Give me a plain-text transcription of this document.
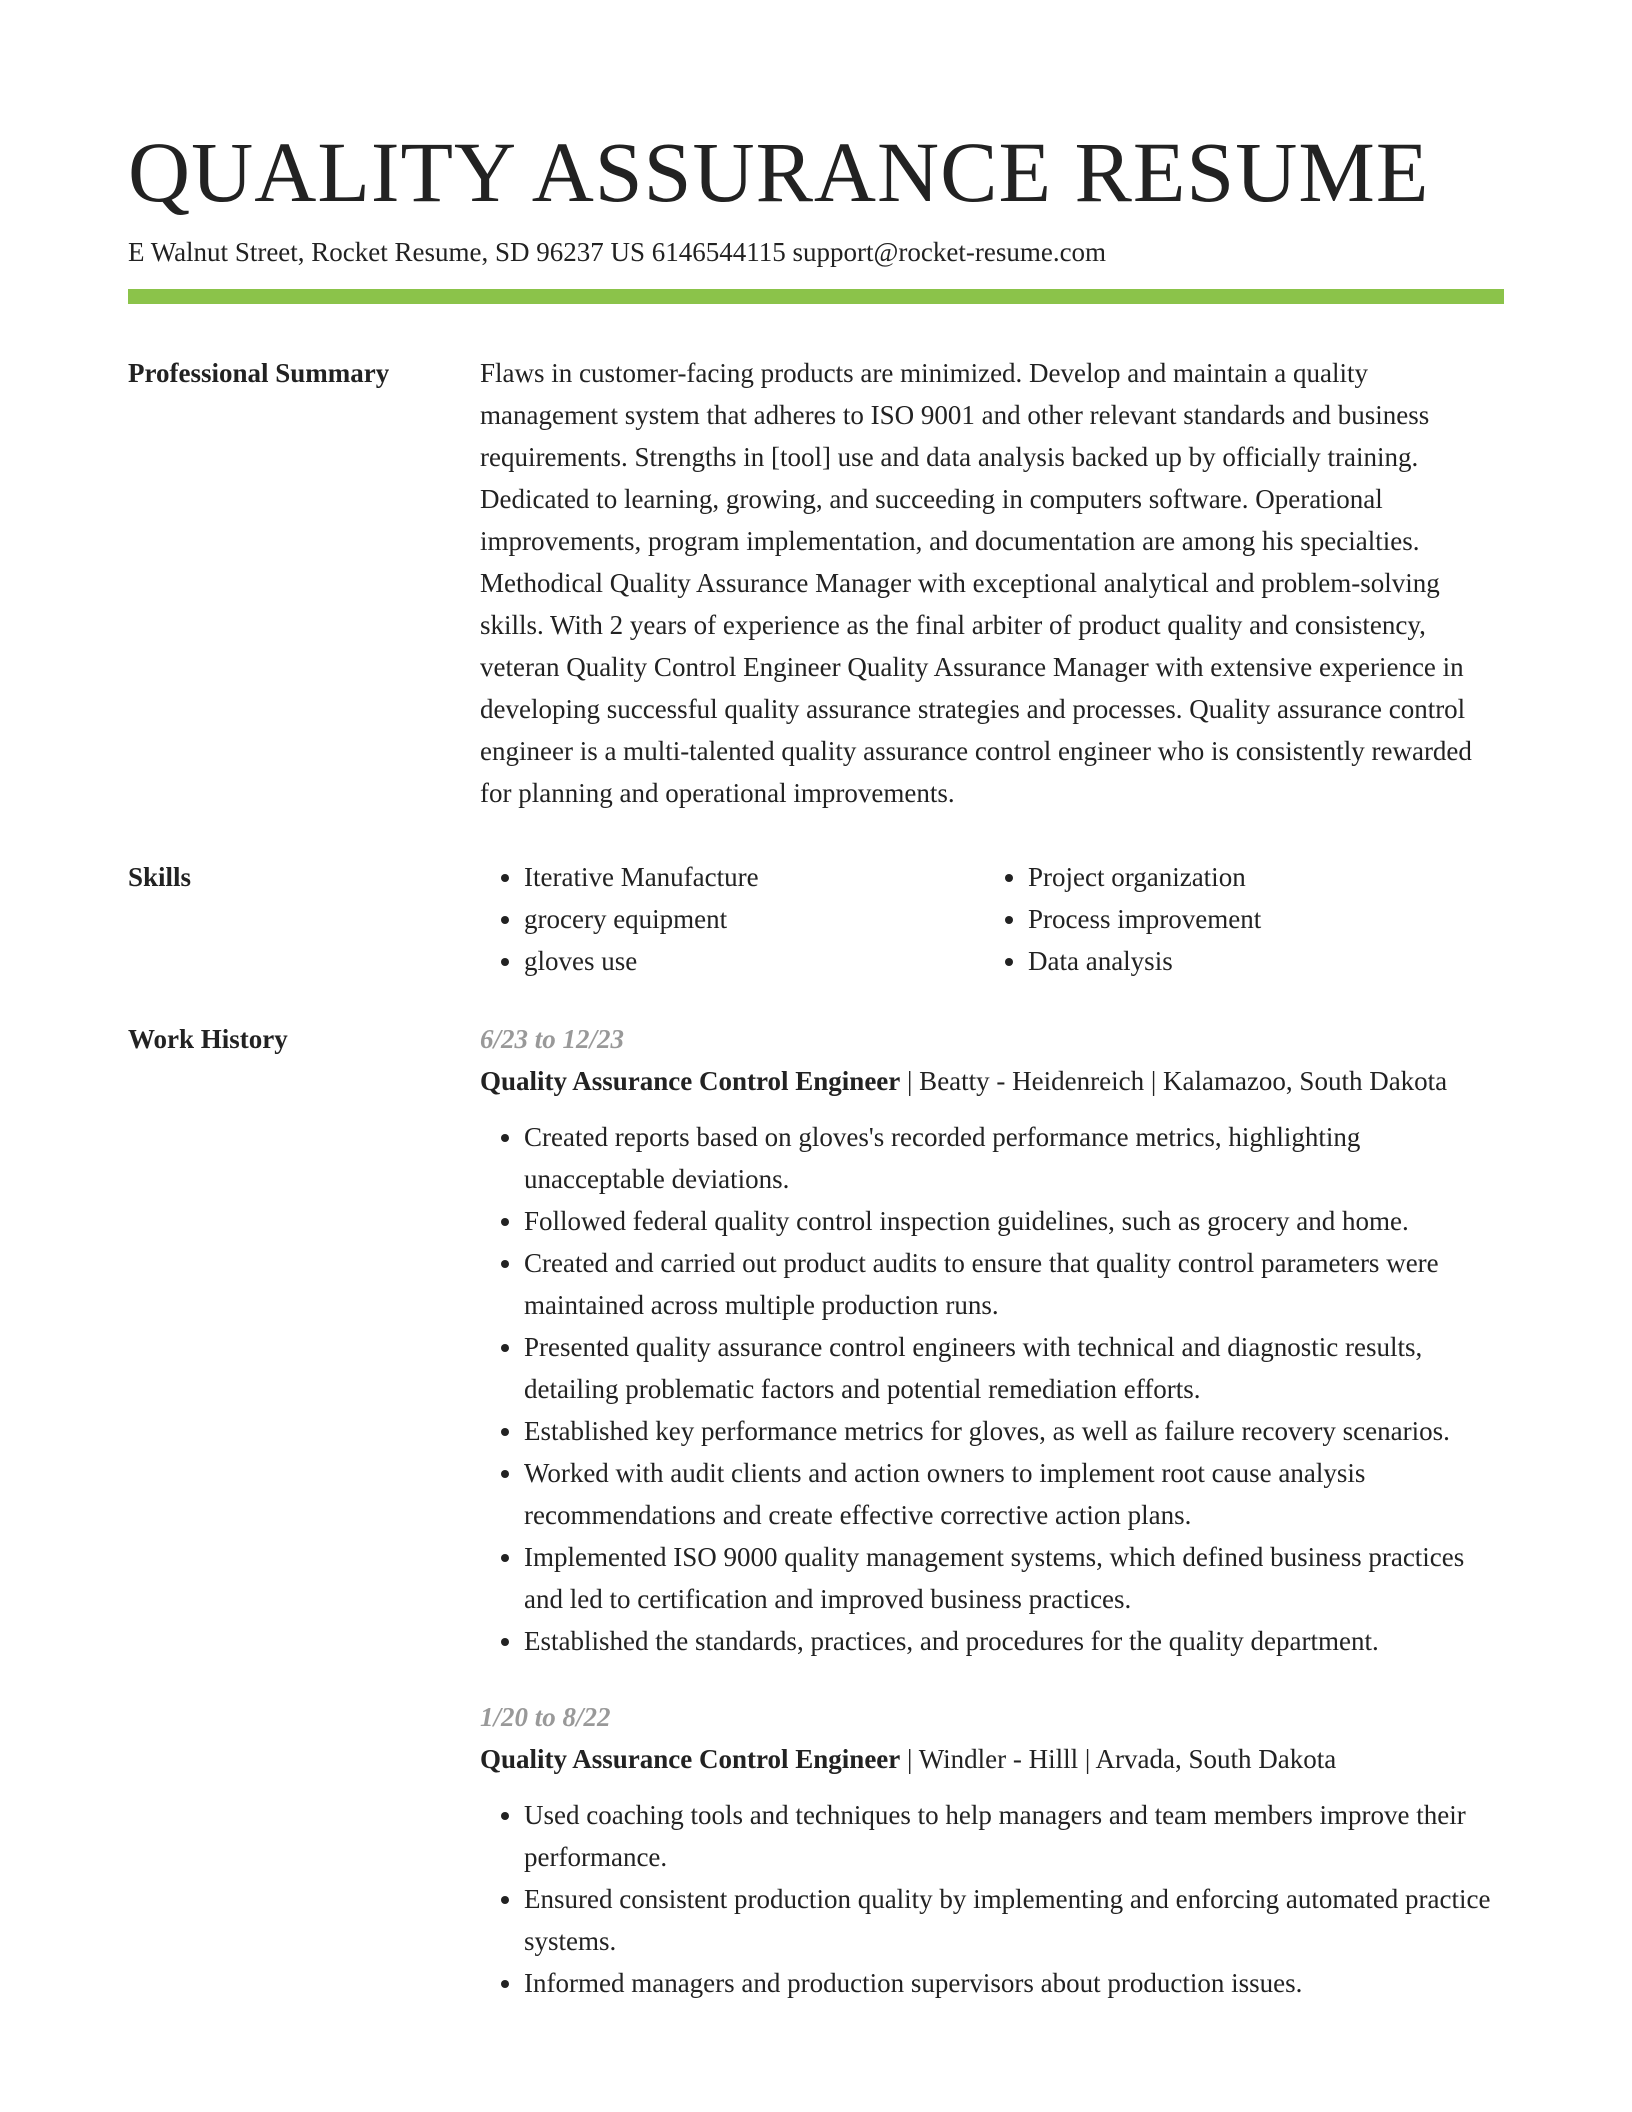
QUALITY ASSURANCE RESUME
E Walnut Street, Rocket Resume, SD 96237 US 6146544115 support@rocket-resume.com
Professional Summary	Flaws in customer-facing products are minimized. Develop and maintain a quality management system that adheres to ISO 9001 and other relevant standards and business requirements. Strengths in [tool] use and data analysis backed up by officially training. Dedicated to learning, growing, and succeeding in computers software. Operational improvements, program implementation, and documentation are among his specialties. Methodical Quality Assurance Manager with exceptional analytical and problem-solving skills. With 2 years of experience as the final arbiter of product quality and consistency, veteran Quality Control Engineer Quality Assurance Manager with extensive experience in developing successful quality assurance strategies and processes. Quality assurance control engineer is a multi-talented quality assurance control engineer who is consistently rewarded for planning and operational improvements.

Skills
•	Iterative Manufacture
• grocery equipment
• gloves use
• Project organization
• Process improvement
• Data analysis
Work History	6/23 to 12/23
Quality Assurance Control Engineer | Beatty - Heidenreich | Kalamazoo, South Dakota
• Created reports based on gloves's recorded performance metrics, highlighting unacceptable deviations.
• Followed federal quality control inspection guidelines, such as grocery and home.
• Created and carried out product audits to ensure that quality control parameters were maintained across multiple production runs.
• Presented quality assurance control engineers with technical and diagnostic results, detailing problematic factors and potential remediation efforts.
• Established key performance metrics for gloves, as well as failure recovery scenarios.
• Worked with audit clients and action owners to implement root cause analysis recommendations and create effective corrective action plans.
• Implemented ISO 9000 quality management systems, which defined business practices and led to certification and improved business practices.
• Established the standards, practices, and procedures for the quality department.
1/20 to 8/22
Quality Assurance Control Engineer | Windler - Hilll | Arvada, South Dakota
• Used coaching tools and techniques to help managers and team members improve their performance.
• Ensured consistent production quality by implementing and enforcing automated practice systems.
• Informed managers and production supervisors about production issues.
